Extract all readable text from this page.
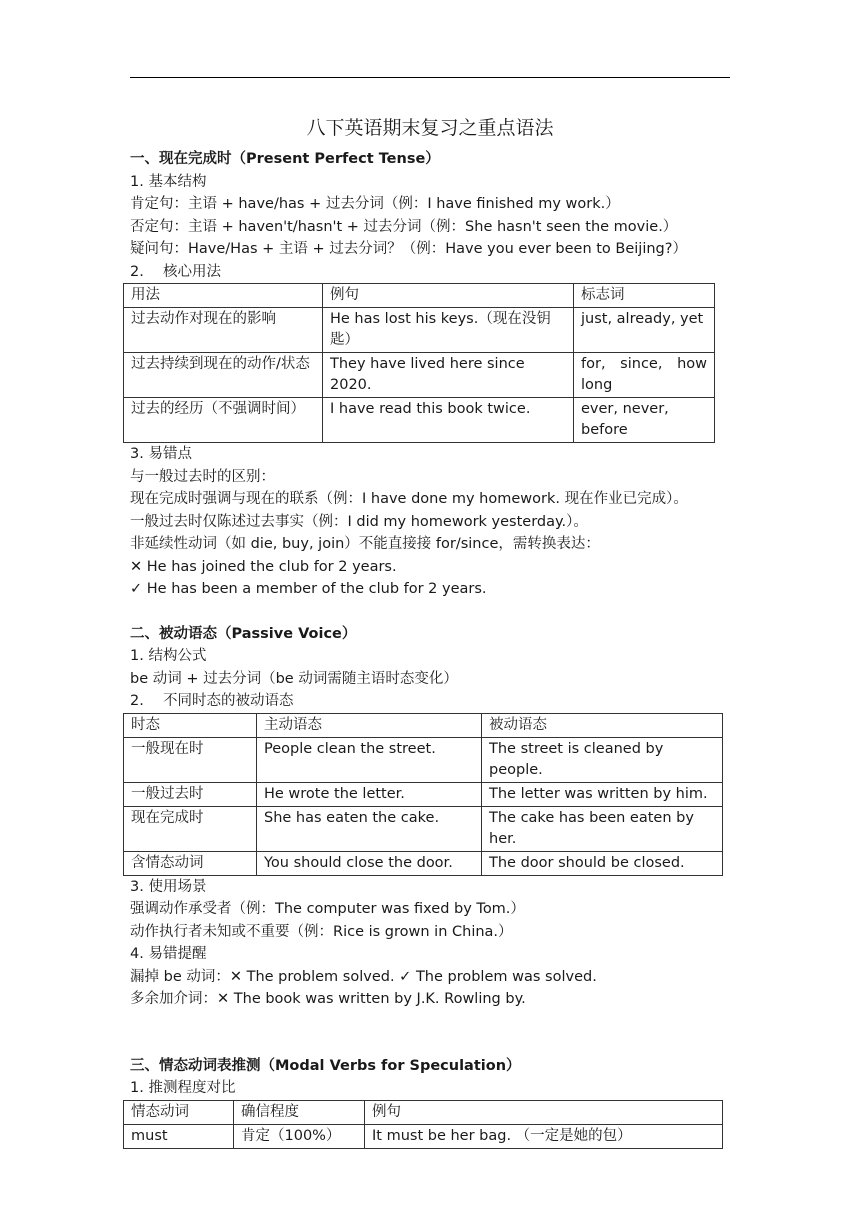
八下英语期末复习之重点语法
一、现在完成时（Present Perfect Tense）
1. 基本结构
肯定句：主语 + have/has + 过去分词（例：I have finished my work.）
否定句：主语 + haven't/hasn't + 过去分词（例：She hasn't seen the movie.）
疑问句：Have/Has + 主语 + 过去分词？（例：Have you ever been to Beijing?）
2.　 核心用法
用法	例句	标志词
过去动作对现在的影响	He has lost his keys.（现在没钥匙）	just, already, yet
过去持续到现在的动作/状态	They have lived here since 2020.	for, since, how long
过去的经历（不强调时间）	I have read this book twice.	ever, never, before
3. 易错点
与一般过去时的区别：
现在完成时强调与现在的联系（例：I have done my homework. 现在作业已完成）。
一般过去时仅陈述过去事实（例：I did my homework yesterday.）。
非延续性动词（如 die, buy, join）不能直接接 for/since，需转换表达：
✕ He has joined the club for 2 years.
✓ He has been a member of the club for 2 years.
二、被动语态（Passive Voice）
1. 结构公式
be 动词 + 过去分词（be 动词需随主语时态变化）
2.　 不同时态的被动语态
时态	主动语态	被动语态
一般现在时	People clean the street.	The street is cleaned by people.
一般过去时	He wrote the letter.	The letter was written by him.
现在完成时	She has eaten the cake.	The cake has been eaten by her.
含情态动词	You should close the door.	The door should be closed.
3. 使用场景
强调动作承受者（例：The computer was fixed by Tom.）
动作执行者未知或不重要（例：Rice is grown in China.）
4. 易错提醒
漏掉 be 动词：✕ The problem solved. ✓ The problem was solved.
多余加介词：✕ The book was written by J.K. Rowling by.
三、情态动词表推测（Modal Verbs for Speculation）
1. 推测程度对比
情态动词	确信程度	例句
must	肯定（100%）	It must be her bag. （一定是她的包）
